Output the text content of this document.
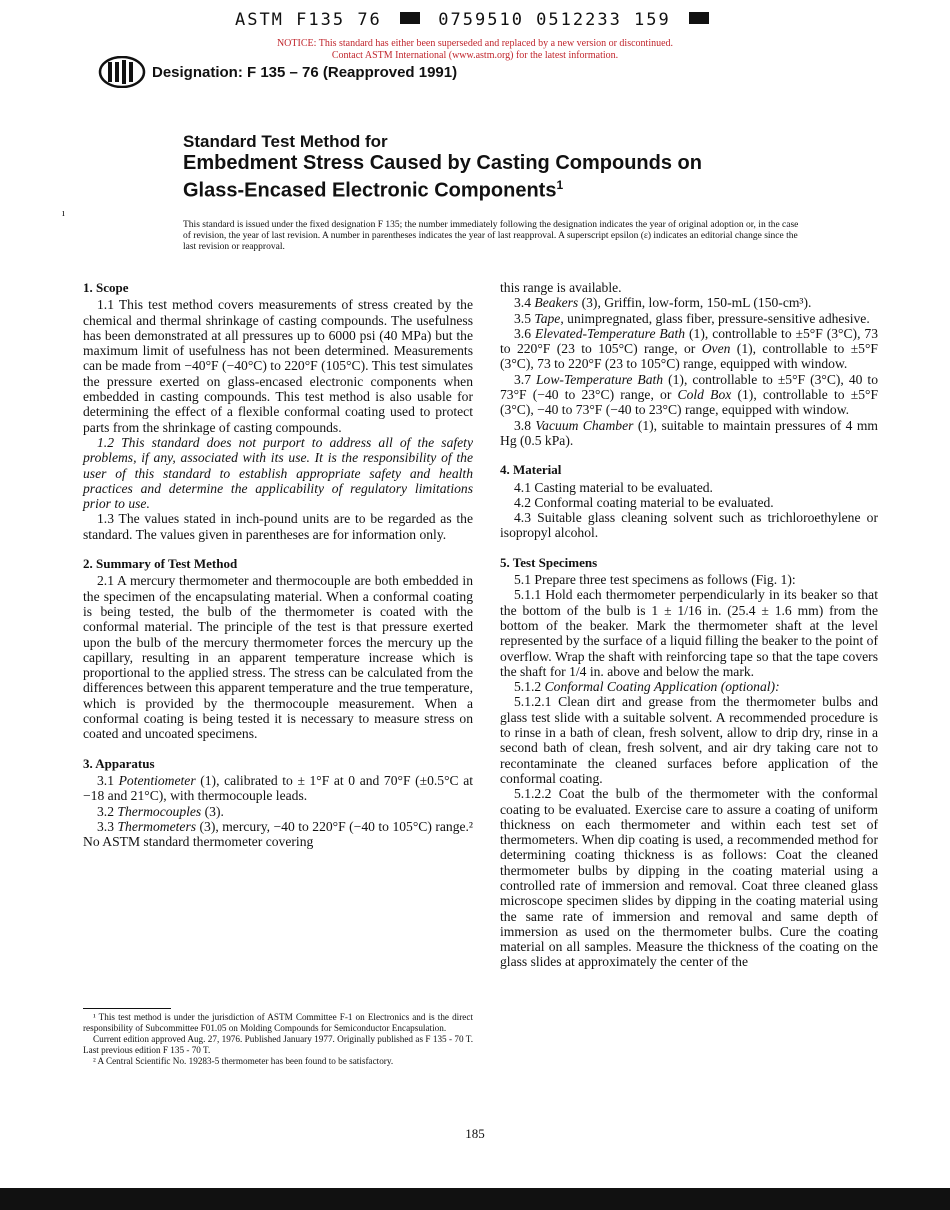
ASTM F135 76	0759510 0512233 159
NOTICE: This standard has either been superseded and replaced by a new version or discontinued.
Contact ASTM International (www.astm.org) for the latest information.
Designation: F 135 – 76 (Reapproved 1991)
ı
Standard Test Method for
Embedment Stress Caused by Casting Compounds on
Glass-Encased Electronic Components$^1$
This standard is issued under the fixed designation F 135; the number immediately following the designation indicates the year of original adoption or, in the case of revision, the year of last revision. A number in parentheses indicates the year of last reapproval. A superscript epsilon (ε) indicates an editorial change since the last revision or reapproval.
1. Scope

1.1 This test method covers measurements of stress created by the chemical and thermal shrinkage of casting compounds. The usefulness has been demonstrated at all pressures up to 6000 psi (40 MPa) but the maximum limit of usefulness has not been determined. Measurements can be made from −40°F (−40°C) to 220°F (105°C). This test simulates the pressure exerted on glass-encased electronic components when embedded in casting compounds. This test method is also usable for determining the effect of a flexible conformal coating used to protect parts from the shrinkage of casting compounds.

1.2 This standard does not purport to address all of the safety problems, if any, associated with its use. It is the responsibility of the user of this standard to establish appropriate safety and health practices and determine the applicability of regulatory limitations prior to use.

1.3 The values stated in inch-pound units are to be regarded as the standard. The values given in parentheses are for information only.

2. Summary of Test Method

2.1 A mercury thermometer and thermocouple are both embedded in the specimen of the encapsulating material. When a conformal coating is being tested, the bulb of the thermometer is coated with the conformal material. The principle of the test is that pressure exerted upon the bulb of the mercury thermometer forces the mercury up the capillary, resulting in an apparent temperature increase which is proportional to the applied stress. The stress can be calculated from the differences between this apparent temperature and the true temperature, which is provided by the thermocouple measurement. When a conformal coating is being tested it is necessary to measure stress on coated and uncoated specimens.

3. Apparatus

3.1 Potentiometer (1), calibrated to ± 1°F at 0 and 70°F (±0.5°C at −18 and 21°C), with thermocouple leads.

3.2 Thermocouples (3).

3.3 Thermometers (3), mercury, −40 to 220°F (−40 to 105°C) range.² No ASTM standard thermometer covering

¹ This test method is under the jurisdiction of ASTM Committee F-1 on Electronics and is the direct responsibility of Subcommittee F01.05 on Molding Compounds for Semiconductor Encapsulation.

Current edition approved Aug. 27, 1976. Published January 1977. Originally published as F 135 - 70 T. Last previous edition F 135 - 70 T.

² A Central Scientific No. 19283-5 thermometer has been found to be satisfactory.

this range is available.

3.4 Beakers (3), Griffin, low-form, 150-mL (150-cm³).

3.5 Tape, unimpregnated, glass fiber, pressure-sensitive adhesive.

3.6 Elevated-Temperature Bath (1), controllable to ±5°F (3°C), 73 to 220°F (23 to 105°C) range, or Oven (1), controllable to ±5°F (3°C), 73 to 220°F (23 to 105°C) range, equipped with window.

3.7 Low-Temperature Bath (1), controllable to ±5°F (3°C), 40 to 73°F (−40 to 23°C) range, or Cold Box (1), controllable to ±5°F (3°C), −40 to 73°F (−40 to 23°C) range, equipped with window.

3.8 Vacuum Chamber (1), suitable to maintain pressures of 4 mm Hg (0.5 kPa).

4. Material

4.1 Casting material to be evaluated.

4.2 Conformal coating material to be evaluated.

4.3 Suitable glass cleaning solvent such as trichloroethylene or isopropyl alcohol.

5. Test Specimens

5.1 Prepare three test specimens as follows (Fig. 1):

5.1.1 Hold each thermometer perpendicularly in its beaker so that the bottom of the bulb is 1 ± 1/16 in. (25.4 ± 1.6 mm) from the bottom of the beaker. Mark the thermometer shaft at the level represented by the surface of a liquid filling the beaker to the point of overflow. Wrap the shaft with reinforcing tape so that the tape covers the shaft for 1/4 in. above and below the mark.

5.1.2 Conformal Coating Application (optional):

5.1.2.1 Clean dirt and grease from the thermometer bulbs and glass test slide with a suitable solvent. A recommended procedure is to rinse in a bath of clean, fresh solvent, allow to drip dry, rinse in a second bath of clean, fresh solvent, and air dry taking care not to recontaminate the cleaned surfaces before application of the conformal coating.

5.1.2.2 Coat the bulb of the thermometer with the conformal coating to be evaluated. Exercise care to assure a coating of uniform thickness on each thermometer and within each test set of thermometers. When dip coating is used, a recommended method for determining coating thickness is as follows: Coat the cleaned thermometer bulbs by dipping in the coating material using a controlled rate of immersion and removal. Coat three cleaned glass microscope specimen slides by dipping in the coating material using the same rate of immersion and removal and same depth of immersion as used on the thermometer bulbs. Cure the coating material on all samples. Measure the thickness of the coating on the glass slides at approximately the center of the

185
